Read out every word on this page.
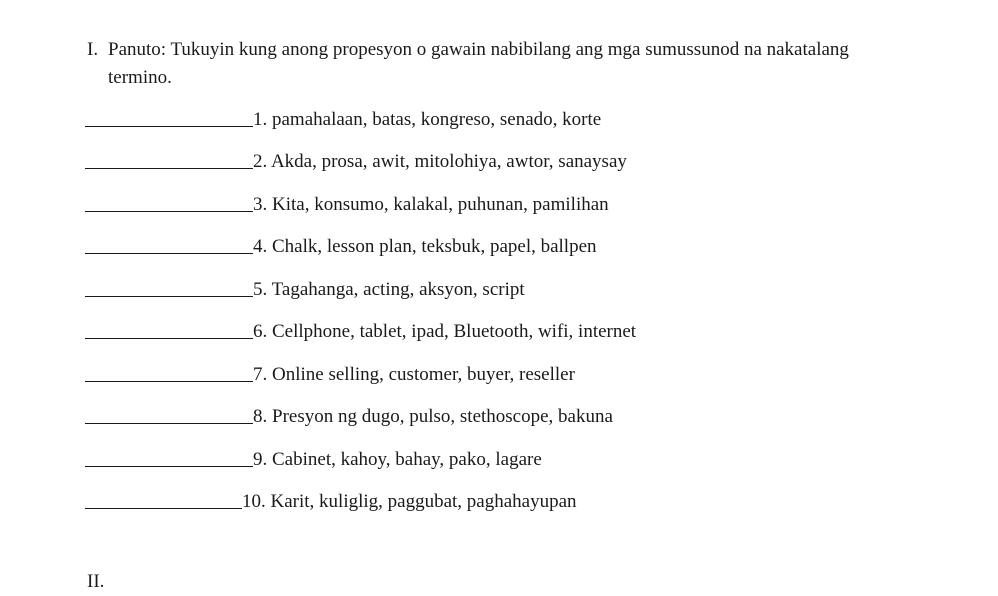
I. Panuto: Tukuyin kung anong propesyon o gawain nabibilang ang mga sumussunod na nakatalang
termino.
1. pamahalaan, batas, kongreso, senado, korte
2. Akda, prosa, awit, mitolohiya, awtor, sanaysay
3. Kita, konsumo, kalakal, puhunan, pamilihan
4. Chalk, lesson plan, teksbuk, papel, ballpen
5. Tagahanga, acting, aksyon, script
6. Cellphone, tablet, ipad, Bluetooth, wifi, internet
7. Online selling, customer, buyer, reseller
8. Presyon ng dugo, pulso, stethoscope, bakuna
9. Cabinet, kahoy, bahay, pako, lagare
10. Karit, kuliglig, paggubat, paghahayupan
II.
